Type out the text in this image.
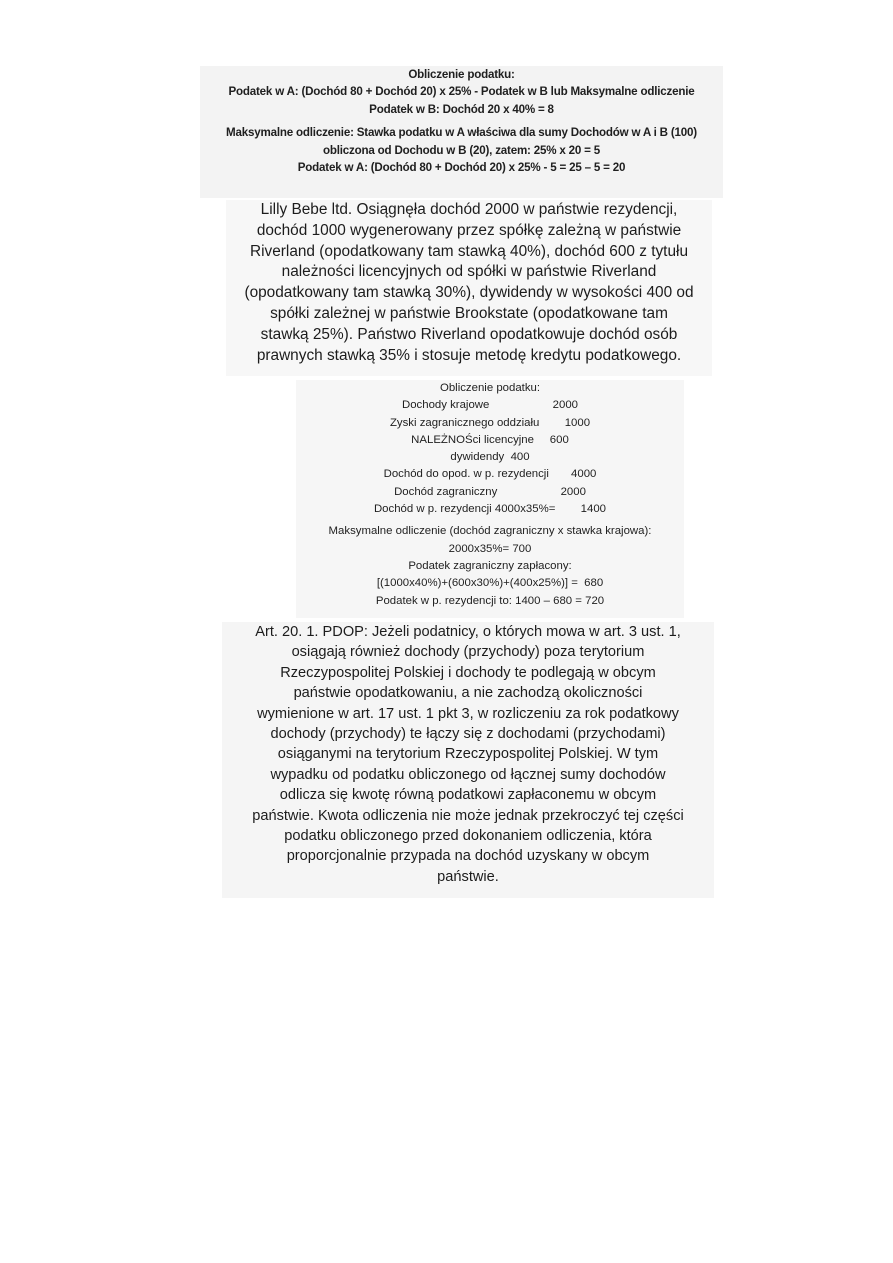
Obliczenie podatku:
Podatek w A: (Dochód 80 + Dochód 20) x 25% - Podatek w B lub Maksymalne odliczenie
Podatek w B: Dochód 20 x 40% = 8
Maksymalne odliczenie: Stawka podatku w A właściwa dla sumy Dochodów w A i B (100)
obliczona od Dochodu w B (20), zatem: 25% x 20 = 5
Podatek w A: (Dochód 80 + Dochód 20) x 25% - 5 = 25 – 5 = 20
Lilly Bebe ltd. Osiągnęła dochód 2000 w państwie rezydencji,
dochód 1000 wygenerowany przez spółkę zależną w państwie
Riverland (opodatkowany tam stawką 40%), dochód 600 z tytułu
należności licencyjnych od spółki w państwie Riverland
(opodatkowany tam stawką 30%), dywidendy w wysokości 400 od
spółki zależnej w państwie Brookstate (opodatkowane tam
stawką 25%). Państwo Riverland opodatkowuje dochód osób
prawnych stawką 35% i stosuje metodę kredytu podatkowego.
Obliczenie podatku:
Dochody krajowe                    2000
Zyski zagranicznego oddziału        1000
NALEŻNOŚci licencyjne     600
dywidendy  400
Dochód do opod. w p. rezydencji       4000
Dochód zagraniczny                    2000
Dochód w p. rezydencji 4000x35%=        1400
Maksymalne odliczenie (dochód zagraniczny x stawka krajowa):
2000x35%= 700
Podatek zagraniczny zapłacony:
[(1000x40%)+(600x30%)+(400x25%)] =  680
Podatek w p. rezydencji to: 1400 – 680 = 720
Art. 20. 1. PDOP: Jeżeli podatnicy, o których mowa w art. 3 ust. 1,
osiągają również dochody (przychody) poza terytorium
Rzeczypospolitej Polskiej i dochody te podlegają w obcym
państwie opodatkowaniu, a nie zachodzą okoliczności
wymienione w art. 17 ust. 1 pkt 3, w rozliczeniu za rok podatkowy
dochody (przychody) te łączy się z dochodami (przychodami)
osiąganymi na terytorium Rzeczypospolitej Polskiej. W tym
wypadku od podatku obliczonego od łącznej sumy dochodów
odlicza się kwotę równą podatkowi zapłaconemu w obcym
państwie. Kwota odliczenia nie może jednak przekroczyć tej części
podatku obliczonego przed dokonaniem odliczenia, która
proporcjonalnie przypada na dochód uzyskany w obcym
państwie.
